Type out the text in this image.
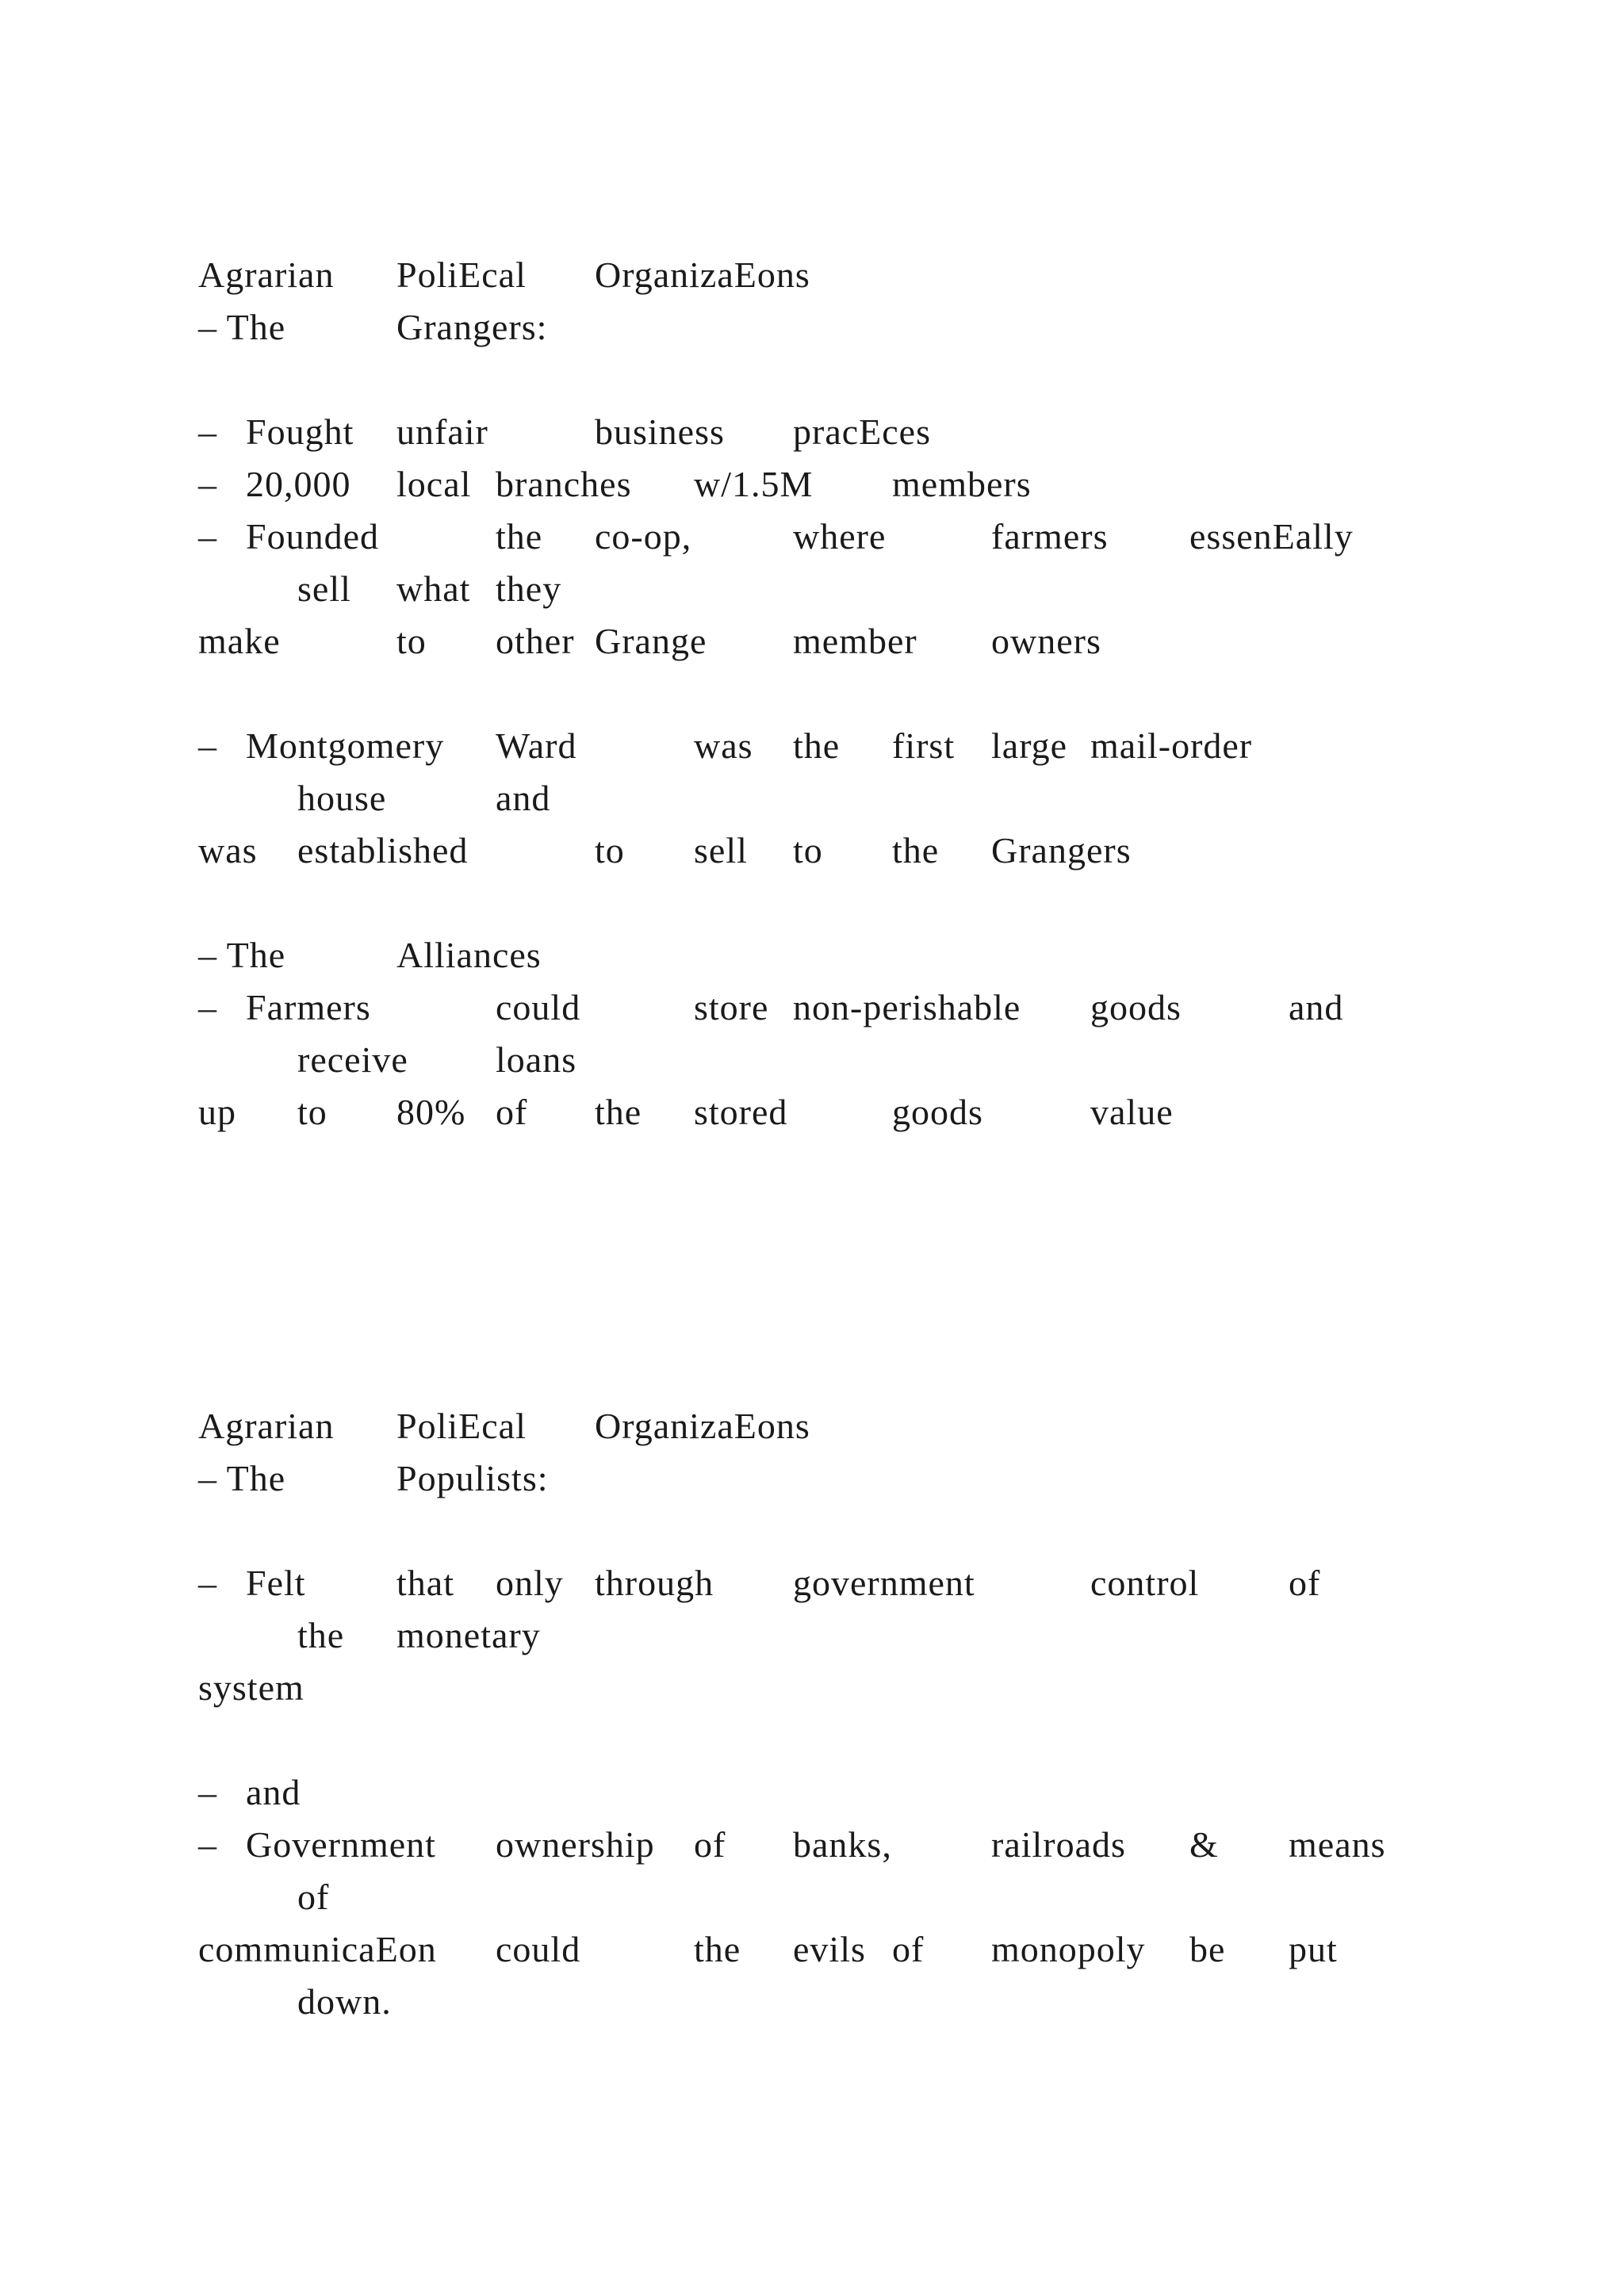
Agrarian PoliEcal OrganizaEons
– The	Grangers:
– Fought unfair	business pracEces
– 20,000 local branches w/1.5M members
– Founded	the co-op,	where	farmers essenEally
sell what they
make	to other Grange member owners
– Montgomery Ward	was the first large mail-order
house	and
was established	to sell to the Grangers
– The	Alliances
– Farmers	could	store non-perishable goods	and
receive loans
up to 80% of the stored	goods	value
Agrarian PoliEcal OrganizaEons
– The	Populists:
– Felt that only through government	control of
the monetary
system
– and
– Government ownership of banks,	railroads & means
of
communicaEon could	the evils of monopoly be put
down.
